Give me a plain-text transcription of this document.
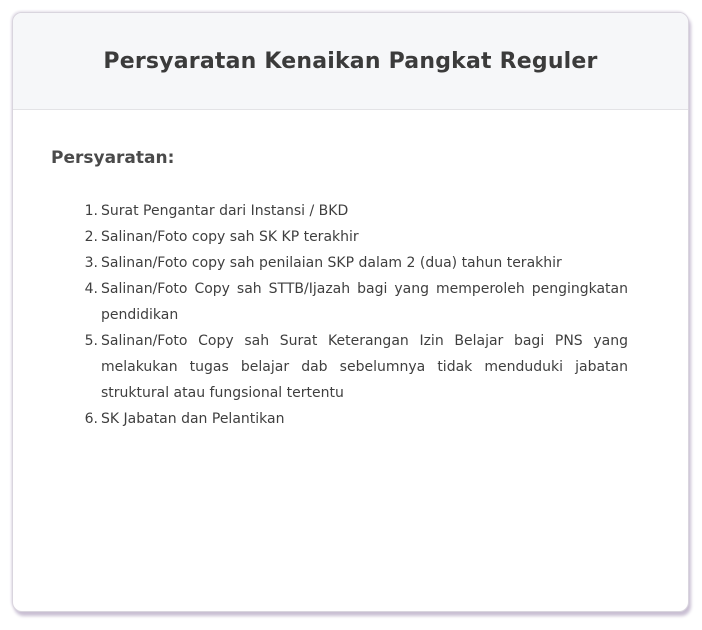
Persyaratan Kenaikan Pangkat Reguler
Persyaratan:
1. Surat Pengantar dari Instansi / BKD
2. Salinan/Foto copy sah SK KP terakhir
3. Salinan/Foto copy sah penilaian SKP dalam 2 (dua) tahun terakhir
4. Salinan/Foto Copy sah STTB/Ijazah bagi yang memperoleh pengingkatan pendidikan
5. Salinan/Foto Copy sah Surat Keterangan Izin Belajar bagi PNS yang melakukan tugas belajar dab sebelumnya tidak menduduki jabatan struktural atau fungsional tertentu
6. SK Jabatan dan Pelantikan
